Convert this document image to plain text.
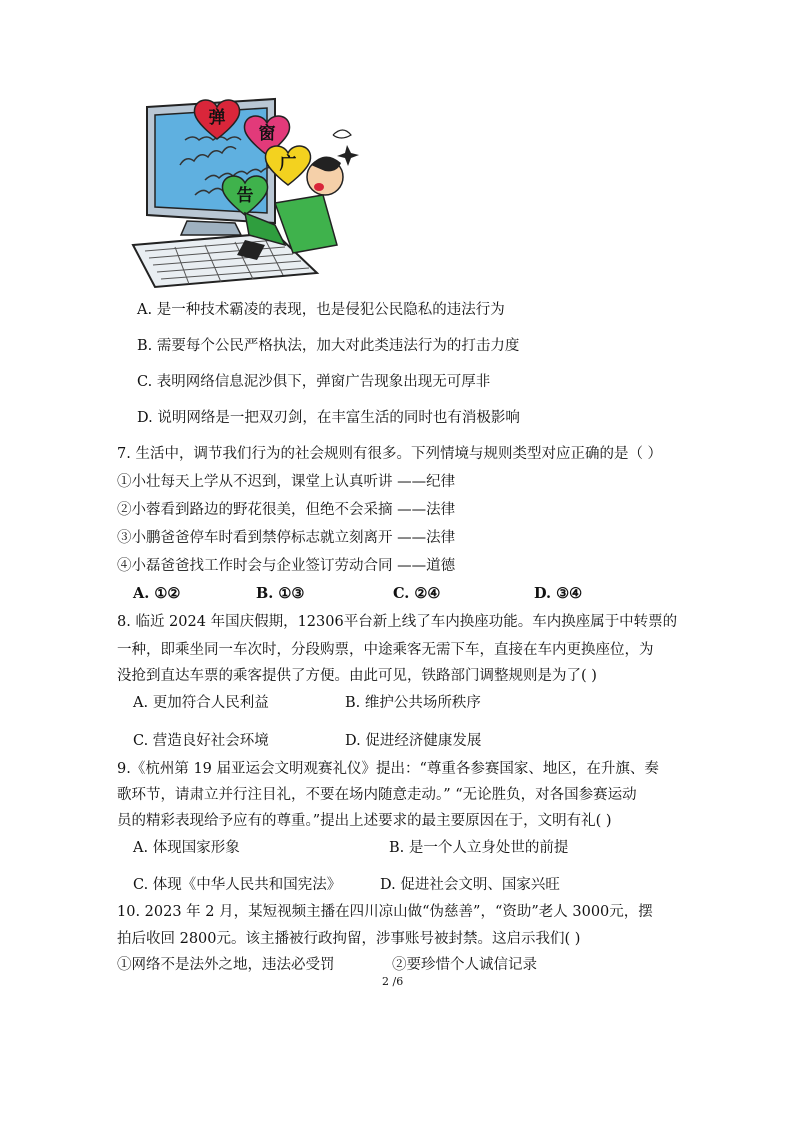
弹
窗
广
告
A. 是一种技术霸凌的表现，也是侵犯公民隐私的违法行为
B. 需要每个公民严格执法，加大对此类违法行为的打击力度
C. 表明网络信息泥沙俱下，弹窗广告现象出现无可厚非
D. 说明网络是一把双刃剑，在丰富生活的同时也有消极影响
7. 生活中，调节我们行为的社会规则有很多。下列情境与规则类型对应正确的是（ ）
①小壮每天上学从不迟到，课堂上认真听讲 ——纪律
②小蓉看到路边的野花很美，但绝不会采摘 ——法律
③小鹏爸爸停车时看到禁停标志就立刻离开 ——法律
④小磊爸爸找工作时会与企业签订劳动合同 ——道德
A. ①②	B. ①③	C. ②④	D. ③④
8. 临近 2024 年国庆假期，12306平台新上线了车内换座功能。车内换座属于中转票的
一种，即乘坐同一车次时，分段购票，中途乘客无需下车，直接在车内更换座位，为
没抢到直达车票的乘客提供了方便。由此可见，铁路部门调整规则是为了( )
A. 更加符合人民利益	B. 维护公共场所秩序
C. 营造良好社会环境	D. 促进经济健康发展
9.《杭州第 19 届亚运会文明观赛礼仪》提出：“尊重各参赛国家、地区，在升旗、奏
歌环节，请肃立并行注目礼，不要在场内随意走动。” “无论胜负，对各国参赛运动
员的精彩表现给予应有的尊重。”提出上述要求的最主要原因在于，文明有礼( )
A. 体现国家形象	B. 是一个人立身处世的前提
C. 体现《中华人民共和国宪法》	D. 促进社会文明、国家兴旺
10. 2023 年 2 月，某短视频主播在四川凉山做“伪慈善”，“资助”老人 3000元，摆
拍后收回 2800元。该主播被行政拘留，涉事账号被封禁。这启示我们( )
①网络不是法外之地，违法必受罚	②要珍惜个人诚信记录
2 /6
